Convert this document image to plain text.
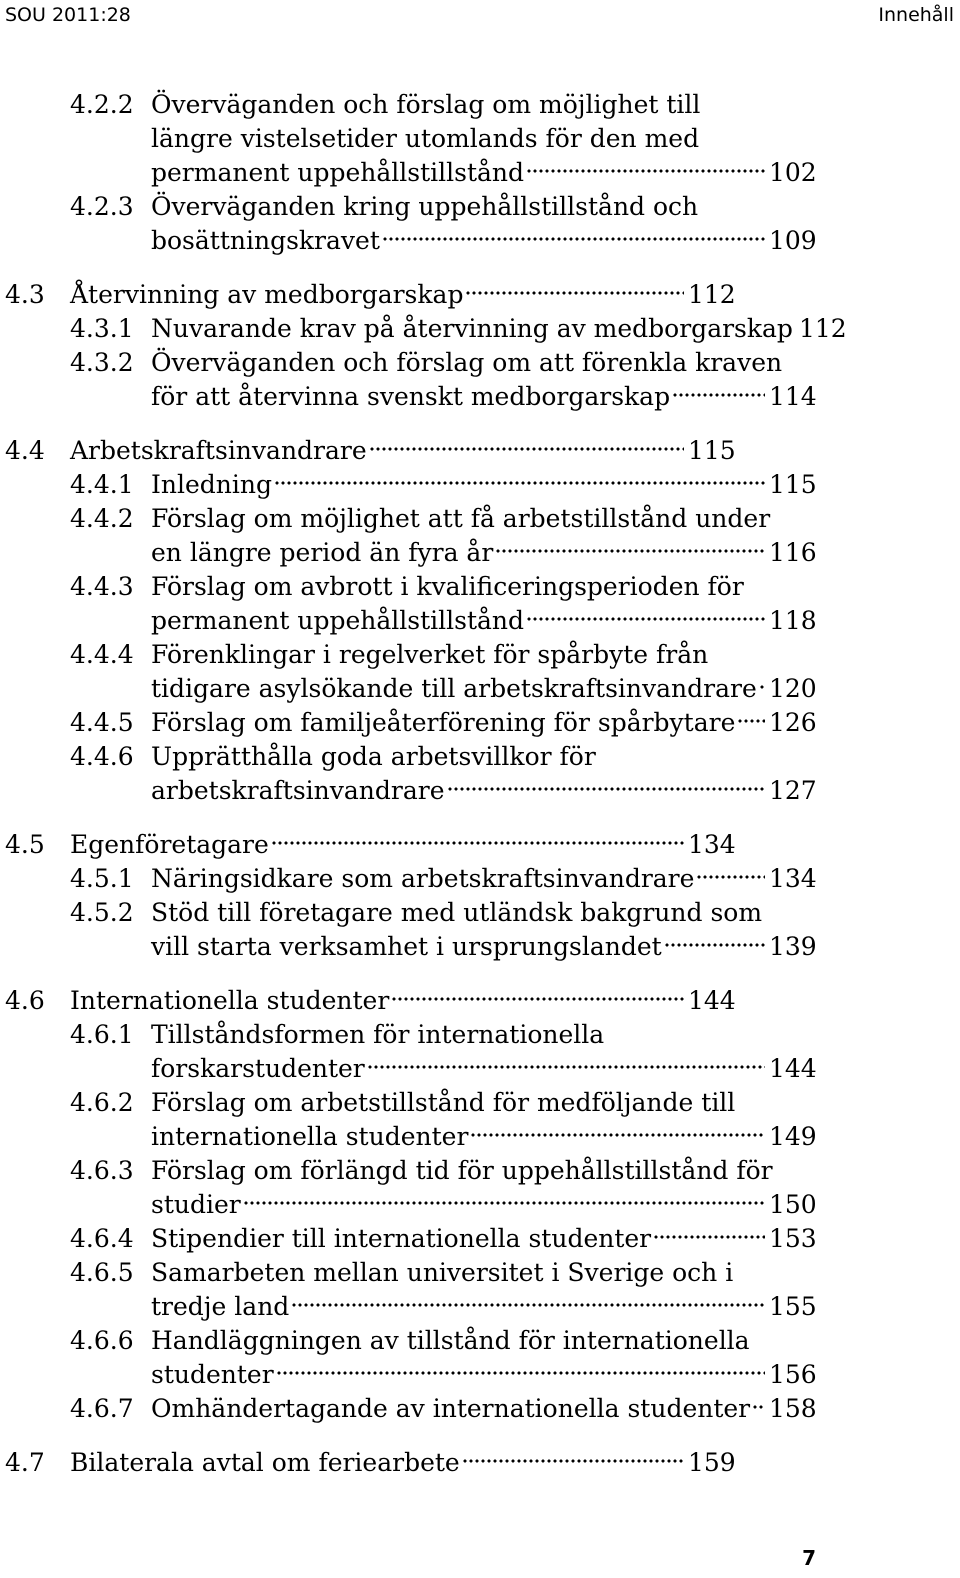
SOU 2011:28	Innehåll
4.2.2 Överväganden och förslag om möjlighet till
längre vistelsetider utomlands för den med
permanent uppehållstillstånd	102
4.2.3 Överväganden kring uppehållstillstånd och
bosättningskravet	109
4.3 Återvinning av medborgarskap	112
4.3.1 Nuvarande krav på återvinning av medborgarskap 112
4.3.2 Överväganden och förslag om att förenkla kraven
för att återvinna svenskt medborgarskap	114
4.4 Arbetskraftsinvandrare	115
4.4.1 Inledning	115
4.4.2 Förslag om möjlighet att få arbetstillstånd under
en längre period än fyra år	116
4.4.3 Förslag om avbrott i kvalificeringsperioden för
permanent uppehållstillstånd	118
4.4.4 Förenklingar i regelverket för spårbyte från
tidigare asylsökande till arbetskraftsinvandrare 120
4.4.5 Förslag om familjeåterförening för spårbytare 126
4.4.6 Upprätthålla goda arbetsvillkor för
arbetskraftsinvandrare	127
4.5 Egenföretagare	134
4.5.1 Näringsidkare som arbetskraftsinvandrare	134
4.5.2 Stöd till företagare med utländsk bakgrund som
vill starta verksamhet i ursprungslandet	139
4.6 Internationella studenter	144
4.6.1 Tillståndsformen för internationella
forskarstudenter	144
4.6.2 Förslag om arbetstillstånd för medföljande till
internationella studenter	149
4.6.3 Förslag om förlängd tid för uppehållstillstånd för
studier	150
4.6.4 Stipendier till internationella studenter	153
4.6.5 Samarbeten mellan universitet i Sverige och i
tredje land	155
4.6.6 Handläggningen av tillstånd för internationella
studenter	156
4.6.7 Omhändertagande av internationella studenter 158
4.7 Bilaterala avtal om feriearbete	159
7
